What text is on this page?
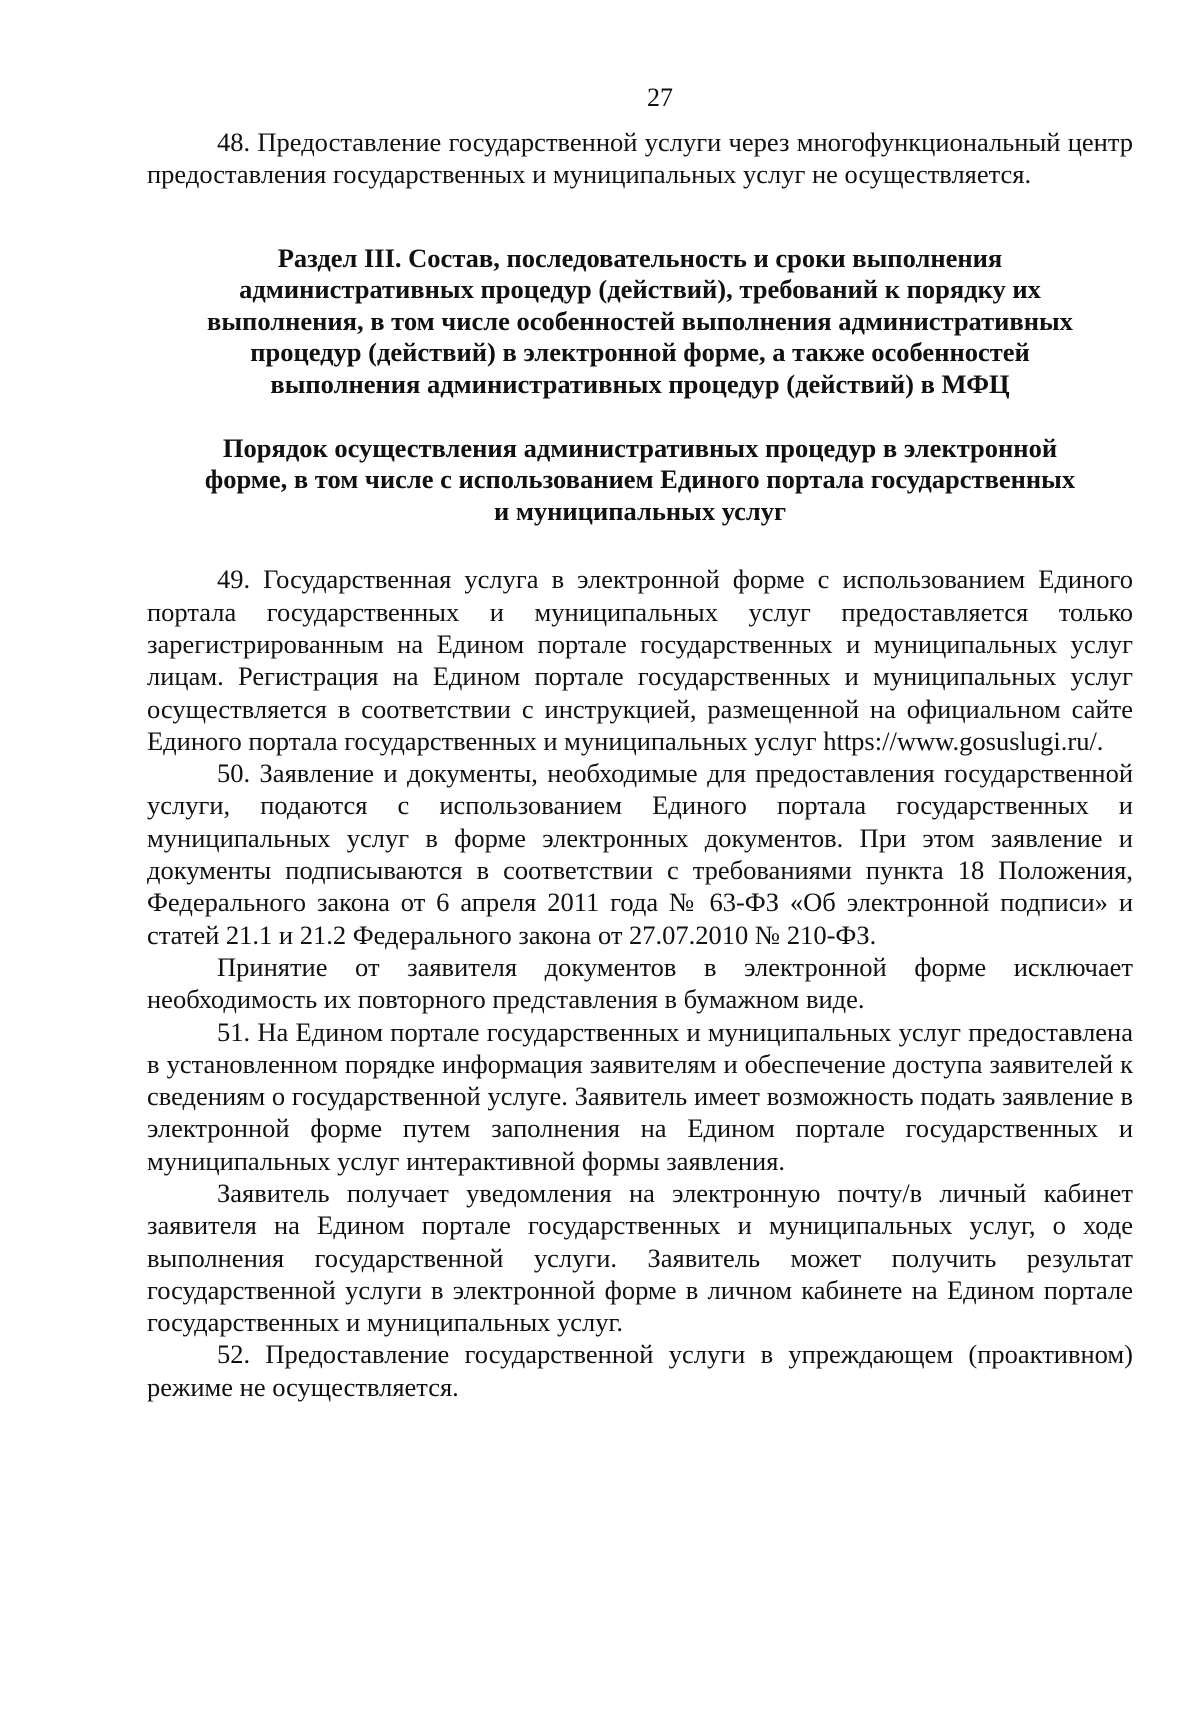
27

48. Предоставление государственной услуги через многофункциональный центр предоставления государственных и муниципальных услуг не осуществляется.

Раздел III. Состав, последовательность и сроки выполнения
административных процедур (действий), требований к порядку их
выполнения, в том числе особенностей выполнения административных
процедур (действий) в электронной форме, а также особенностей
выполнения административных процедур (действий) в МФЦ
Порядок осуществления административных процедур в электронной
форме, в том числе с использованием Единого портала государственных
и муниципальных услуг

49. Государственная услуга в электронной форме с использованием Единого портала государственных и муниципальных услуг предоставляется только зарегистрированным на Едином портале государственных и муниципальных услуг лицам. Регистрация на Едином портале государственных и муниципальных услуг осуществляется в соответствии с инструкцией, размещенной на официальном сайте Единого портала государственных и муниципальных услуг https://www.gosuslugi.ru/.

50. Заявление и документы, необходимые для предоставления государственной услуги, подаются с использованием Единого портала государственных и муниципальных услуг в форме электронных документов. При этом заявление и документы подписываются в соответствии с требованиями пункта 18 Положения, Федерального закона от 6 апреля 2011 года № 63-ФЗ «Об электронной подписи» и статей 21.1 и 21.2 Федерального закона от 27.07.2010 № 210-ФЗ.

Принятие от заявителя документов в электронной форме исключает необходимость их повторного представления в бумажном виде.

51. На Едином портале государственных и муниципальных услуг предоставлена в установленном порядке информация заявителям и обеспечение доступа заявителей к сведениям о государственной услуге. Заявитель имеет возможность подать заявление в электронной форме путем заполнения на Едином портале государственных и муниципальных услуг интерактивной формы заявления.

Заявитель получает уведомления на электронную почту/в личный кабинет заявителя на Едином портале государственных и муниципальных услуг, о ходе выполнения государственной услуги. Заявитель может получить результат государственной услуги в электронной форме в личном кабинете на Едином портале государственных и муниципальных услуг.

52. Предоставление государственной услуги в упреждающем (проактивном) режиме не осуществляется.
